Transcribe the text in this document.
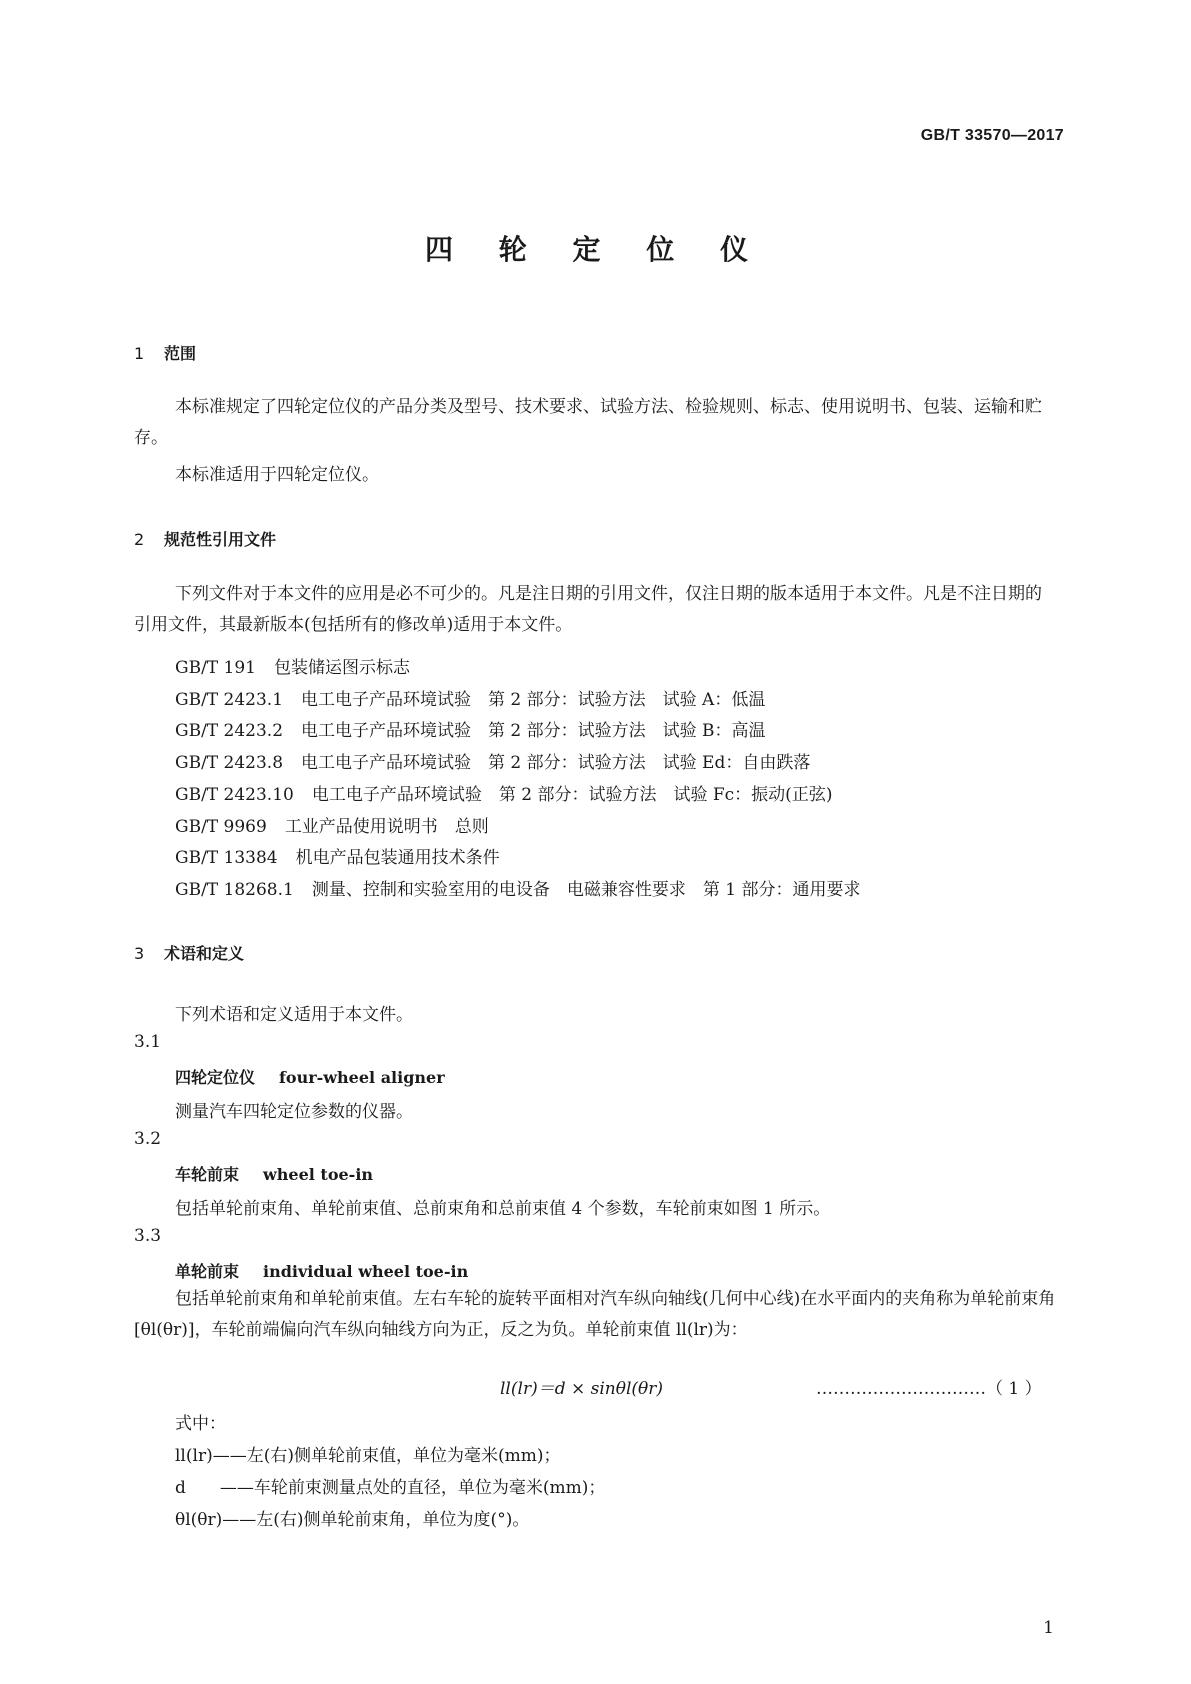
GB/T 33570—2017
四 轮 定 位 仪
1 范围

本标准规定了四轮定位仪的产品分类及型号、技术要求、试验方法、检验规则、标志、使用说明书、包装、运输和贮存。

本标准适用于四轮定位仪。
2 规范性引用文件

下列文件对于本文件的应用是必不可少的。凡是注日期的引用文件，仅注日期的版本适用于本文件。凡是不注日期的引用文件，其最新版本(包括所有的修改单)适用于本文件。

GB/T 191 包装储运图示标志
GB/T 2423.1 电工电子产品环境试验　第 2 部分：试验方法　试验 A：低温
GB/T 2423.2 电工电子产品环境试验　第 2 部分：试验方法　试验 B：高温
GB/T 2423.8 电工电子产品环境试验　第 2 部分：试验方法　试验 Ed：自由跌落
GB/T 2423.10 电工电子产品环境试验　第 2 部分：试验方法　试验 Fc：振动(正弦)
GB/T 9969 工业产品使用说明书　总则
GB/T 13384 机电产品包装通用技术条件
GB/T 18268.1 测量、控制和实验室用的电设备　电磁兼容性要求　第 1 部分：通用要求
3 术语和定义
下列术语和定义适用于本文件。
3.1
四轮定位仪 four-wheel aligner
测量汽车四轮定位参数的仪器。
3.2
车轮前束 wheel toe-in
包括单轮前束角、单轮前束值、总前束角和总前束值 4 个参数，车轮前束如图 1 所示。
3.3
单轮前束 individual wheel toe-in

包括单轮前束角和单轮前束值。左右车轮的旋转平面相对汽车纵向轴线(几何中心线)在水平面内的夹角称为单轮前束角[θl(θr)]，车轮前端偏向汽车纵向轴线方向为正，反之为负。单轮前束值 ll(lr)为：

ll(lr)＝d × sinθl(θr)	…………………………（ 1 ）
式中：
ll(lr)——左(右)侧单轮前束值，单位为毫米(mm)；
d　　——车轮前束测量点处的直径，单位为毫米(mm)；
θl(θr)——左(右)侧单轮前束角，单位为度(°)。
1
